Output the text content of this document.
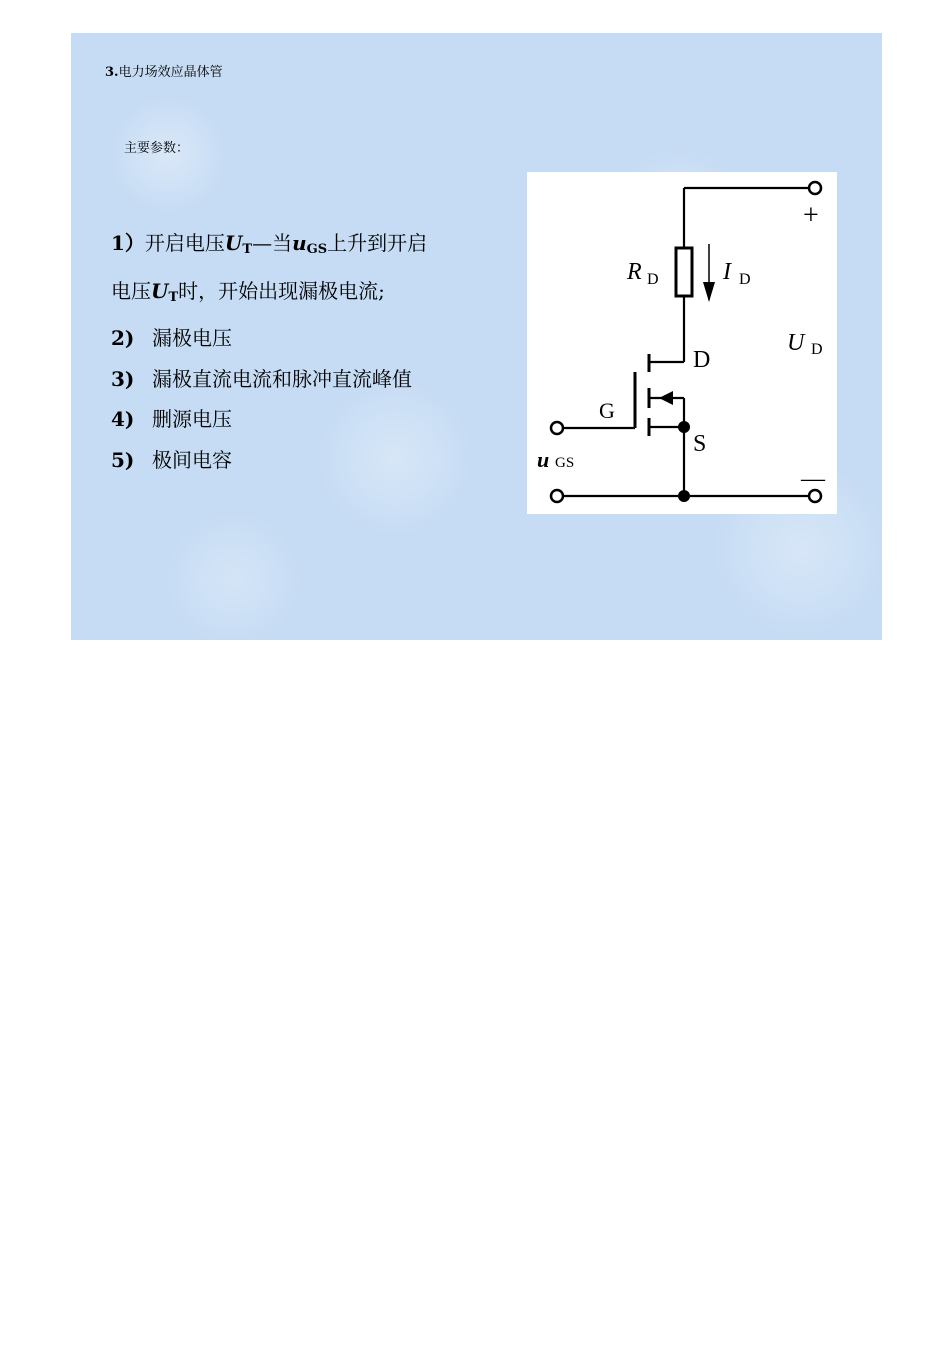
3.电力场效应晶体管
主要参数：
1）开启电压$U_T—$当$u_{GS}$上升到开启
电压$U_T$时，开始出现漏极电流;
2) 漏极电压
3) 漏极直流电流和脉冲直流峰值
4) 删源电压
5) 极间电容
R D	I D
U D
D
G
S
u GS
+
—
